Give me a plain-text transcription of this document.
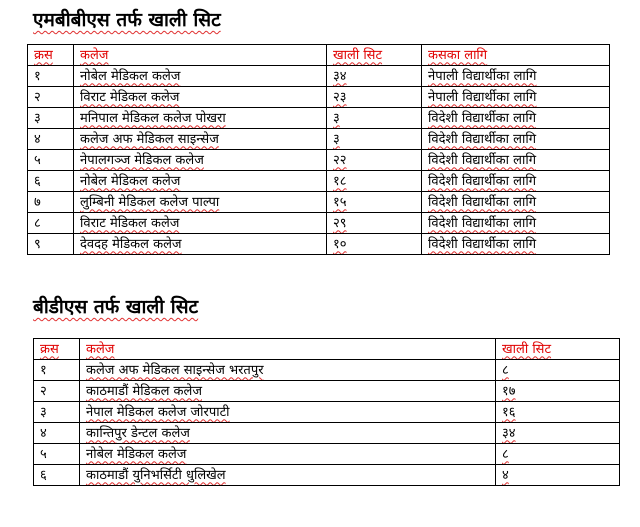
एमबीबीएस तर्फ खाली सिट
क्रस	कलेज	खाली सिट	कसका लागि
१	नोबेल मेडिकल कलेज	३४	नेपाली विद्यार्थीका लागि
२	विराट मेडिकल कलेज	२३	नेपाली विद्यार्थीका लागि
३	मनिपाल मेडिकल कलेज पोखरा	३	विदेशी विद्यार्थीका लागि
४	कलेज अफ मेडिकल साइन्सेज	३	विदेशी विद्यार्थीका लागि
५	नेपालगञ्ज मेडिकल कलेज	२२	विदेशी विद्यार्थीका लागि
६	नोबेल मेडिकल कलेज	१८	विदेशी विद्यार्थीका लागि
७	लुम्बिनी मेडिकल कलेज पाल्पा	१५	विदेशी विद्यार्थीका लागि
८	विराट मेडिकल कलेज	२९	विदेशी विद्यार्थीका लागि
९	देवदह मेडिकल कलेज	१०	विदेशी विद्यार्थीका लागि
बीडीएस तर्फ खाली सिट
क्रस	कलेज	खाली सिट
१	कलेज अफ मेडिकल साइन्सेज भरतपुर	८
२	काठमाडौं मेडिकल कलेज	१७
३	नेपाल मेडिकल कलेज जोरपाटी	१६
४	कान्तिपुर डेन्टल कलेज	३४
५	नोबेल मेडिकल कलेज	८
६	काठमाडौं युनिभर्सिटी धुलिखेल	४
